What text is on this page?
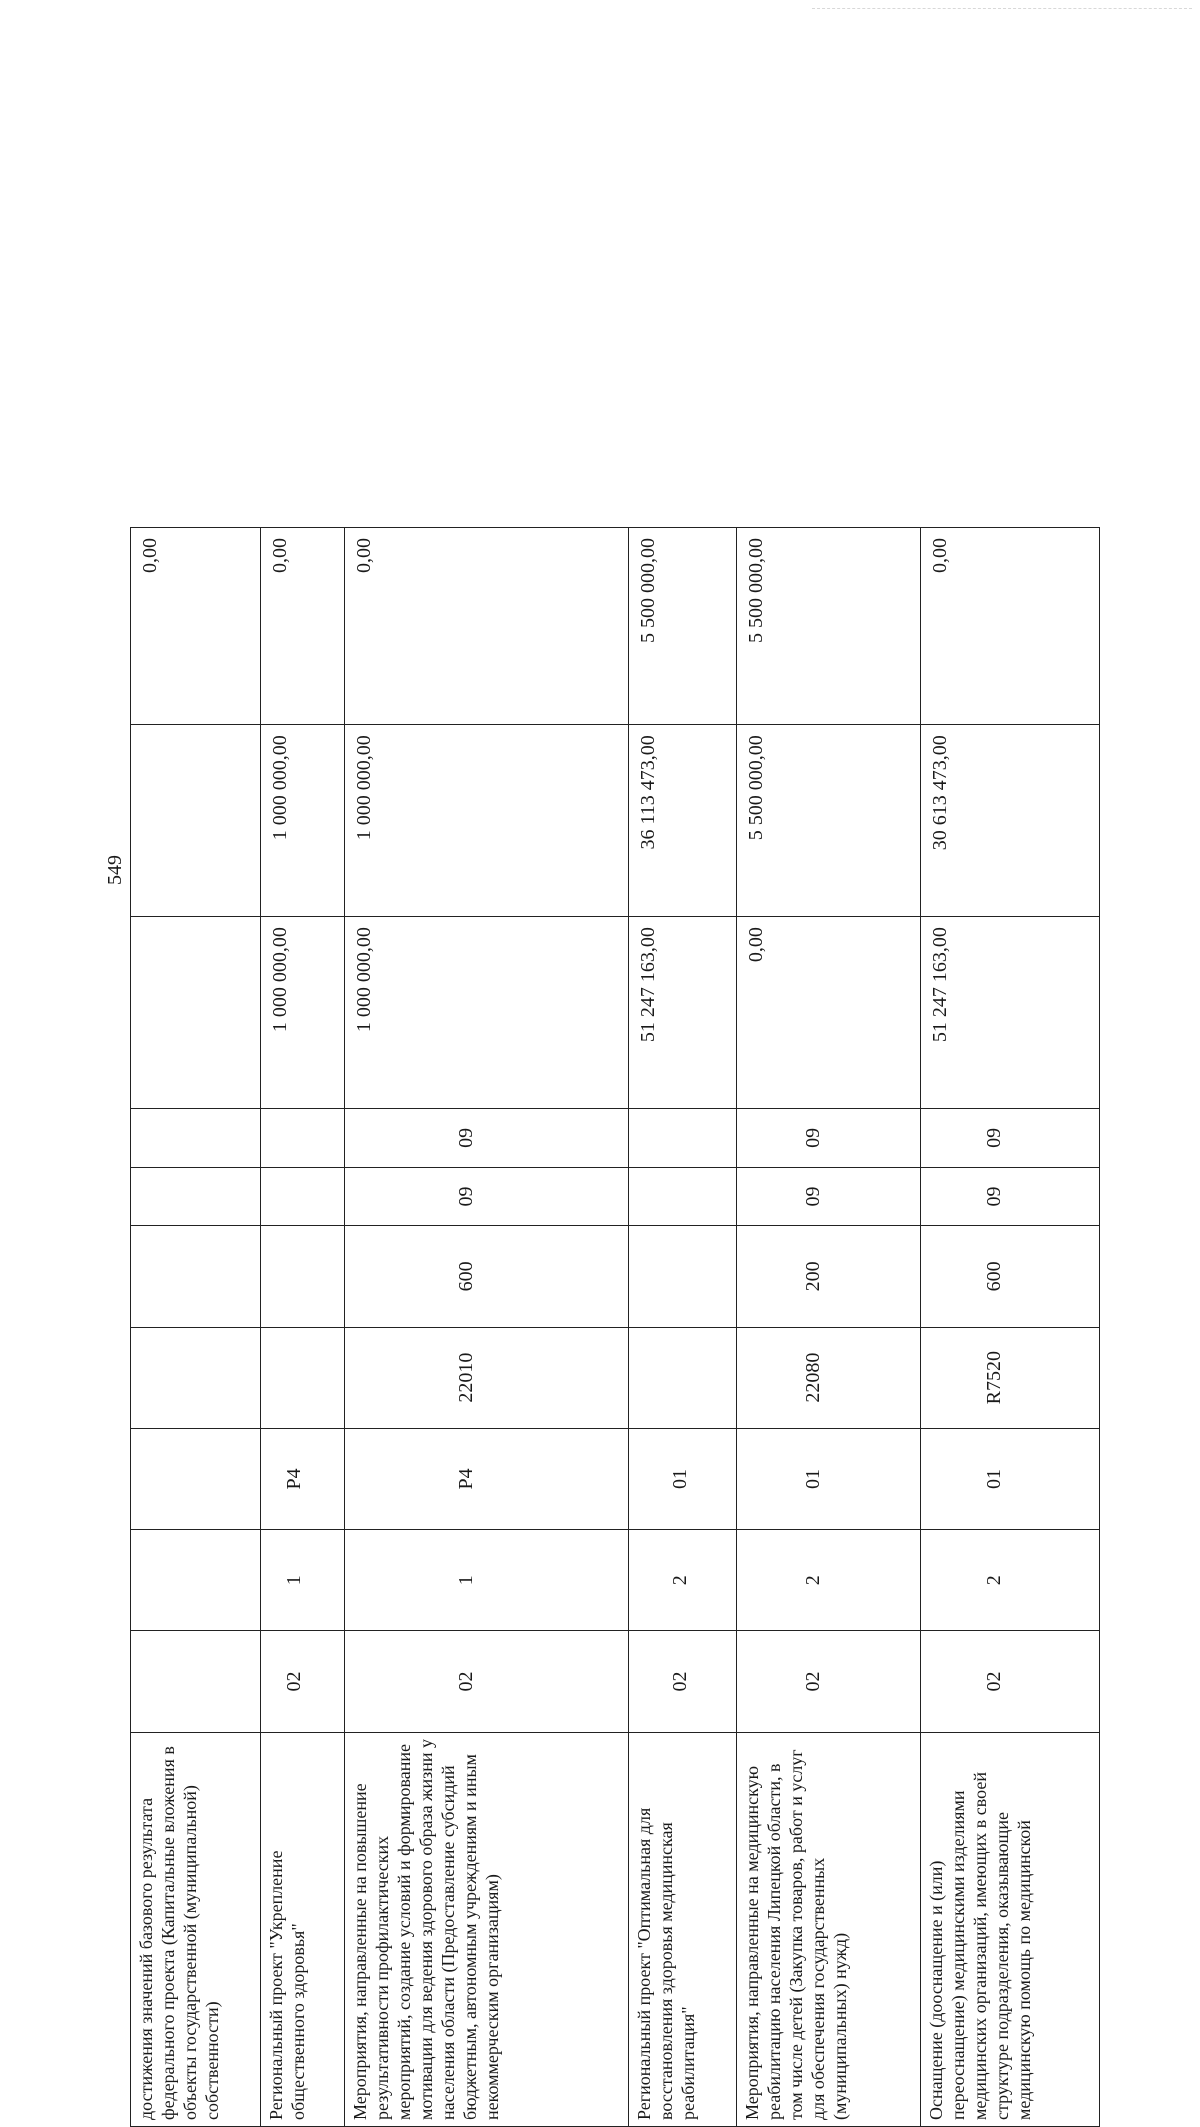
549
достижения значений базового результата федерального проекта (Капитальные вложения в объекты государственной (муниципальной) собственности)										0,00
Региональный проект "Укрепление общественного здоровья"	02	1	P4					1 000 000,00	1 000 000,00	0,00
Мероприятия, направленные на повышение результативности профилактических мероприятий, создание условий и формирование мотивации для ведения здорового образа жизни у населения области (Предоставление субсидий бюджетным, автономным учреждениям и иным некоммерческим организациям)	02	1	P4	22010	600	09	09	1 000 000,00	1 000 000,00	0,00
Региональный проект "Оптимальная для восстановления здоровья медицинская реабилитация"	02	2	01					51 247 163,00	36 113 473,00	5 500 000,00
Мероприятия, направленные на медицинскую реабилитацию населения Липецкой области, в том числе детей (Закупка товаров, работ и услуг для обеспечения государственных (муниципальных) нужд)	02	2	01	22080	200	09	09	0,00	5 500 000,00	5 500 000,00
Оснащение (дооснащение и (или) переоснащение) медицинскими изделиями медицинских организаций, имеющих в своей структуре подразделения, оказывающие медицинскую помощь по медицинской	02	2	01	R7520	600	09	09	51 247 163,00	30 613 473,00	0,00
